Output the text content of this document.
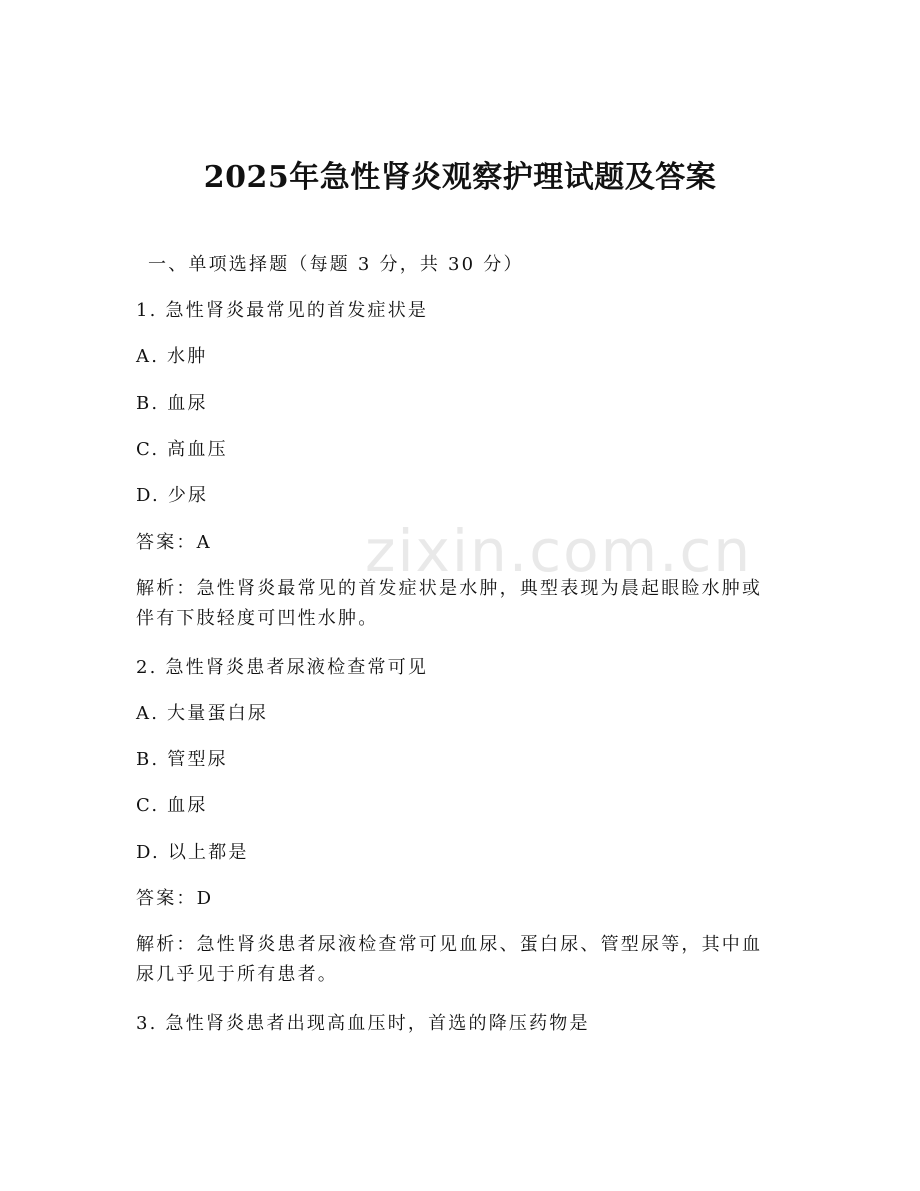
zixin.com.cn
2025年急性肾炎观察护理试题及答案
一、单项选择题（每题 3 分，共 30 分）
1. 急性肾炎最常见的首发症状是
A. 水肿
B. 血尿
C. 高血压
D. 少尿
答案：A
解析：急性肾炎最常见的首发症状是水肿，典型表现为晨起眼睑水肿或伴有下肢轻度可凹性水肿。
2. 急性肾炎患者尿液检查常可见
A. 大量蛋白尿
B. 管型尿
C. 血尿
D. 以上都是
答案：D
解析：急性肾炎患者尿液检查常可见血尿、蛋白尿、管型尿等，其中血尿几乎见于所有患者。
3. 急性肾炎患者出现高血压时，首选的降压药物是
